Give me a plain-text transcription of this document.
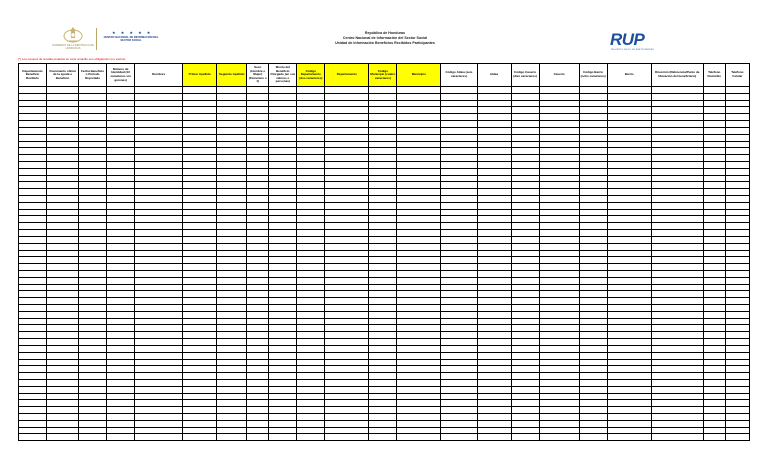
GOBIERNO DE LA REPÚBLICA DE HONDURAS
★ ★ ★ ★ ★
CENTRO NACIONAL DE INFORMACIÓN DEL SECTOR SOCIAL
(*) Los campos de la tabla pintados en color amarillo son obligatorios (no vacíos)
República de Honduras
Centro Nacional de Información del Sector Social
Unidad de Información Beneficios Recibidos Participantes	RUP
REGISTRO ÚNICO DE PARTICIPANTES
Departamento Beneficio Recibido	Documento oficial de la ayuda o Beneficio	Fecha Beneficio o Periodo Reportado	Número de Identidad (13 caracteres sin guiones)	Nombres	Primer Apellido	Segundo Apellido	Sexo (Hombre o Mujer) (Femenino o 1)	Monto del Beneficio Otorgado (en sus valores o personas)	Código Departamento (dos caracteres)	Departamento	Código Municipio (cuatro caracteres)	Municipio	Código Aldea (seis caracteres)	Aldea	Código Caserío (diez caracteres)	Caserío	Código Barrio (ocho caracteres)	Barrio	Dirección (Referencia/Punto de Ubicación del beneficiario)	Teléfono Domicilio	Teléfono Celular
